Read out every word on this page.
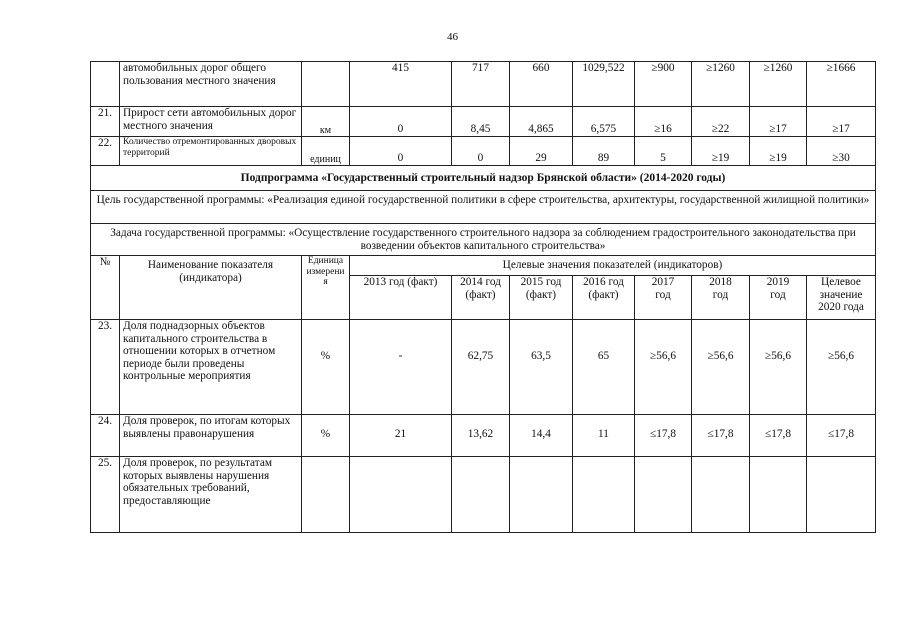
46
	автомобильных дорог общего пользования местного значения		415	717	660	1029,522	≥900	≥1260	≥1260	≥1666
21.	Прирост сети автомобильных дорог местного значения	км	0	8,45	4,865	6,575	≥16	≥22	≥17	≥17
22.	Количество отремонтированных дворовых территорий	единиц	0	0	29	89	5	≥19	≥19	≥30
Подпрограмма «Государственный строительный надзор Брянской области» (2014-2020 годы)										
Цель государственной программы: «Реализация единой государственной политики в сфере строительства, архитектуры, государственной жилищной политики»										
Задача государственной программы: «Осуществление государственного строительного надзора за соблюдением градостроительного законодательства при возведении объектов капитального строительства»										
№	Наименование показателя (индикатора)	Единица измерения	Целевые значения показателей (индикаторов)							
			2013 год (факт)	2014 год (факт)	2015 год (факт)	2016 год (факт)	2017 год	2018 год	2019 год	Целевое значение 2020 года
23.	Доля поднадзорных объектов капитального строительства в отношении которых в отчетном периоде были проведены контрольные мероприятия	%	-	62,75	63,5	65	≥56,6	≥56,6	≥56,6	≥56,6
24.	Доля проверок, по итогам которых выявлены правонарушения	%	21	13,62	14,4	11	≤17,8	≤17,8	≤17,8	≤17,8
25.	Доля проверок, по результатам которых выявлены нарушения обязательных требований, предоставляющие									
